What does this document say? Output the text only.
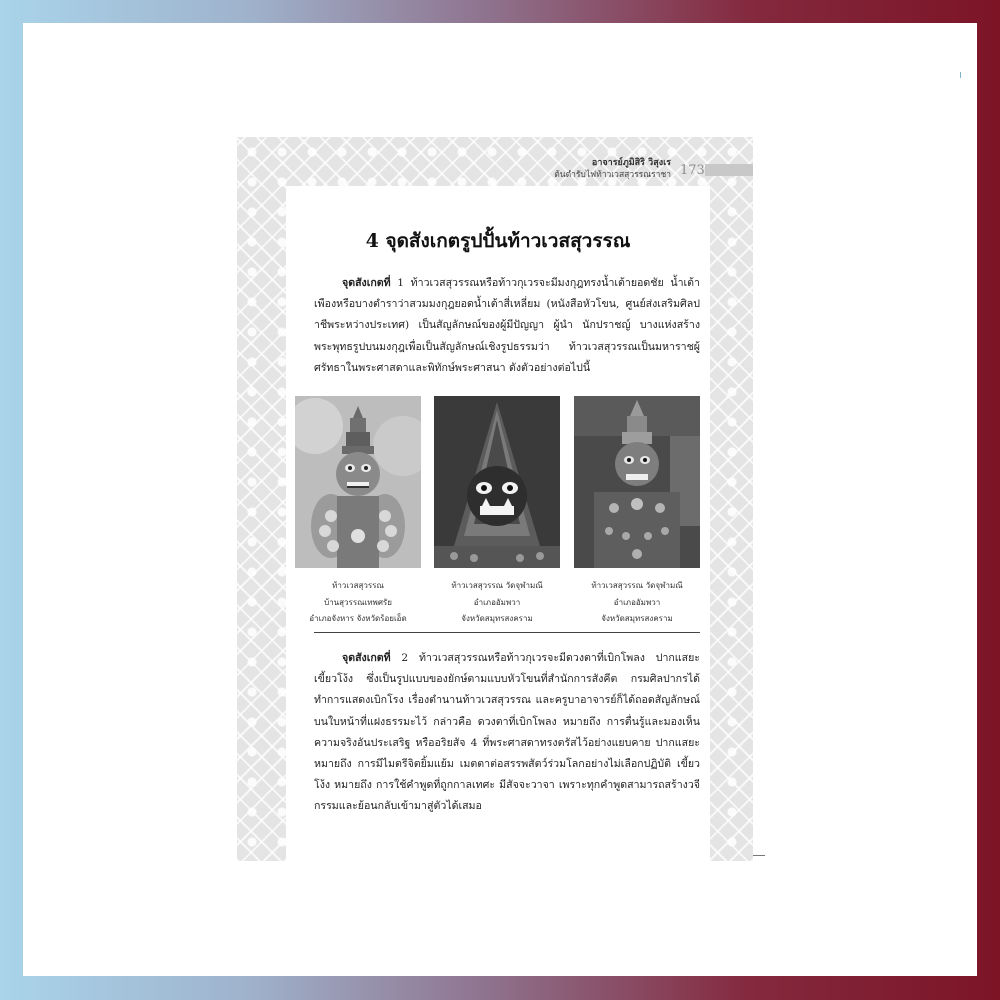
อาจารย์ภูมิสิริ วิสุงเร
ต้นตำรับไฟท้าวเวสสุวรรณราชา 173
4 จุดสังเกตรูปปั้นท้าวเวสสุวรรณ

จุดสังเกตที่ 1 ท้าวเวสสุวรรณหรือท้าวกุเวรจะมีมงกุฎทรงน้ำเต้ายอดชัย น้ำเต้าเพืองหรือบางตำราว่าสวมมงกุฎยอดน้ำเต้าสี่เหลี่ยม (หนังสือหัวโขน, ศูนย์ส่งเสริมศิลปาชีพระหว่างประเทศ) เป็นสัญลักษณ์ของผู้มีปัญญา ผู้นำ นักปราชญ์ บางแห่งสร้างพระพุทธรูปบนมงกุฎเพื่อเป็นสัญลักษณ์เชิงรูปธรรมว่า ท้าวเวสสุวรรณเป็นมหาราชผู้ศรัทธาในพระศาสดาและพิทักษ์พระศาสนา ดังตัวอย่างต่อไปนี้

ท้าวเวสสุวรรณ
บ้านสุวรรณเทพศรัย
อำเภอจังหาร จังหวัดร้อยเอ็ด
ท้าวเวสสุวรรณ วัดจุฬามณี
อำเภออัมพวา
จังหวัดสมุทรสงคราม
ท้าวเวสสุวรรณ วัดจุฬามณี
อำเภออัมพวา
จังหวัดสมุทรสงคราม

จุดสังเกตที่ 2 ท้าวเวสสุวรรณหรือท้าวกุเวรจะมีดวงตาที่เบิกโพลง ปากแสยะ เขี้ยวโง้ง ซึ่งเป็นรูปแบบของยักษ์ตามแบบหัวโขนที่สำนักการสังคีต กรมศิลปากรได้ทำการแสดงเบิกโรง เรื่องตำนานท้าวเวสสุวรรณ และครูบาอาจารย์ก็ได้ถอดสัญลักษณ์บนใบหน้าที่แฝงธรรมะไว้ กล่าวคือ ดวงตาที่เบิกโพลง หมายถึง การตื่นรู้และมองเห็นความจริงอันประเสริฐ หรืออริยสัจ 4 ที่พระศาสดาทรงตรัสไว้อย่างแยบคาย ปากแสยะ หมายถึง การมีไมตรีจิตยิ้มแย้ม เมตตาต่อสรรพสัตว์ร่วมโลกอย่างไม่เลือกปฏิบัติ เขี้ยวโง้ง หมายถึง การใช้คำพูดที่ถูกกาลเทศะ มีสัจจะวาจา เพราะทุกคำพูดสามารถสร้างวจีกรรมและย้อนกลับเข้ามาสู่ตัวได้เสมอ
